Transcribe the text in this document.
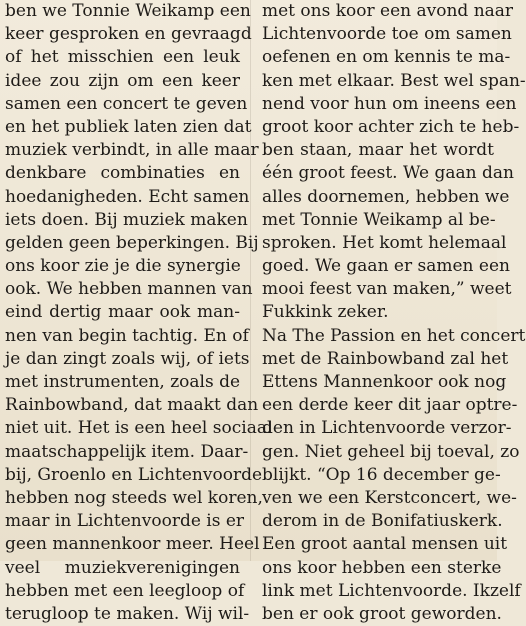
ben we Tonnie Weikamp een
keer gesproken en gevraagd
of het misschien een leuk
idee zou zijn om een keer
samen een concert te geven
en het publiek laten zien dat
muziek verbindt, in alle maar
denkbare combinaties en
hoedanigheden. Echt samen
iets doen. Bij muziek maken
gelden geen beperkingen. Bij
ons koor zie je die synergie
ook. We hebben mannen van
eind dertig maar ook man-
nen van begin tachtig. En of
je dan zingt zoals wij, of iets
met instrumenten, zoals de
Rainbowband, dat maakt dan
niet uit. Het is een heel sociaal
maatschappelijk item. Daar-
bij, Groenlo en Lichtenvoorde
hebben nog steeds wel koren,
maar in Lichtenvoorde is er
geen mannenkoor meer. Heel
veel muziekverenigingen
hebben met een leegloop of
terugloop te maken. Wij wil-
met ons koor een avond naar
Lichtenvoorde toe om samen
oefenen en om kennis te ma-
ken met elkaar. Best wel span-
nend voor hun om ineens een
groot koor achter zich te heb-
ben staan, maar het wordt
één groot feest. We gaan dan
alles doornemen, hebben we
met Tonnie Weikamp al be-
sproken. Het komt helemaal
goed. We gaan er samen een
mooi feest van maken,” weet
Fukkink zeker.
Na The Passion en het concert
met de Rainbowband zal het
Ettens Mannenkoor ook nog
een derde keer dit jaar optre-
den in Lichtenvoorde verzor-
gen. Niet geheel bij toeval, zo
blijkt. “Op 16 december ge-
ven we een Kerstconcert, we-
derom in de Bonifatiuskerk.
Een groot aantal mensen uit
ons koor hebben een sterke
link met Lichtenvoorde. Ikzelf
ben er ook groot geworden.
